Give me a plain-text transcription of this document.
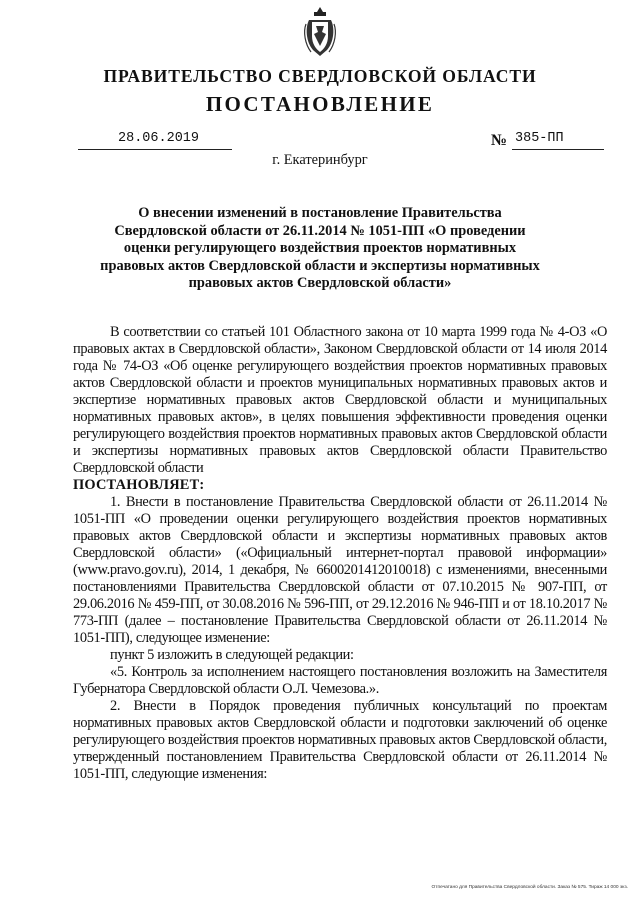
ПРАВИТЕЛЬСТВО СВЕРДЛОВСКОЙ ОБЛАСТИ
ПОСТАНОВЛЕНИЕ
28.06.2019	№ 385-ПП
г. Екатеринбург
О внесении изменений в постановление Правительства Свердловской области от 26.11.2014 № 1051-ПП «О проведении оценки регулирующего воздействия проектов нормативных правовых актов Свердловской области и экспертизы нормативных правовых актов Свердловской области»

В соответствии со статьей 101 Областного закона от 10 марта 1999 года № 4-ОЗ «О правовых актах в Свердловской области», Законом Свердловской области от 14 июля 2014 года № 74-ОЗ «Об оценке регулирующего воздействия проектов нормативных правовых актов Свердловской области и проектов муниципальных нормативных правовых актов и экспертизе нормативных правовых актов Свердловской области и муниципальных нормативных правовых актов», в целях повышения эффективности проведения оценки регулирующего воздействия проектов нормативных правовых актов Свердловской области и экспертизы нормативных правовых актов Свердловской области Правительство Свердловской области

ПОСТАНОВЛЯЕТ:

1. Внести в постановление Правительства Свердловской области от 26.11.2014 № 1051-ПП «О проведении оценки регулирующего воздействия проектов нормативных правовых актов Свердловской области и экспертизы нормативных правовых актов Свердловской области» («Официальный интернет-портал правовой информации» (www.pravo.gov.ru), 2014, 1 декабря, № 6600201412010018) с изменениями, внесенными постановлениями Правительства Свердловской области от 07.10.2015 № 907-ПП, от 29.06.2016 № 459-ПП, от 30.08.2016 № 596-ПП, от 29.12.2016 № 946-ПП и от 18.10.2017 № 773-ПП (далее – постановление Правительства Свердловской области от 26.11.2014 № 1051-ПП), следующее изменение:

пункт 5 изложить в следующей редакции:

«5. Контроль за исполнением настоящего постановления возложить на Заместителя Губернатора Свердловской области О.Л. Чемезова.».

2. Внести в Порядок проведения публичных консультаций по проектам нормативных правовых актов Свердловской области и подготовки заключений об оценке регулирующего воздействия проектов нормативных правовых актов Свердловской области, утвержденный постановлением Правительства Свердловской области от 26.11.2014 № 1051-ПП, следующие изменения:

Отпечатано для Правительства Свердловской области. Заказ № 575. Тираж 14 000 экз.
